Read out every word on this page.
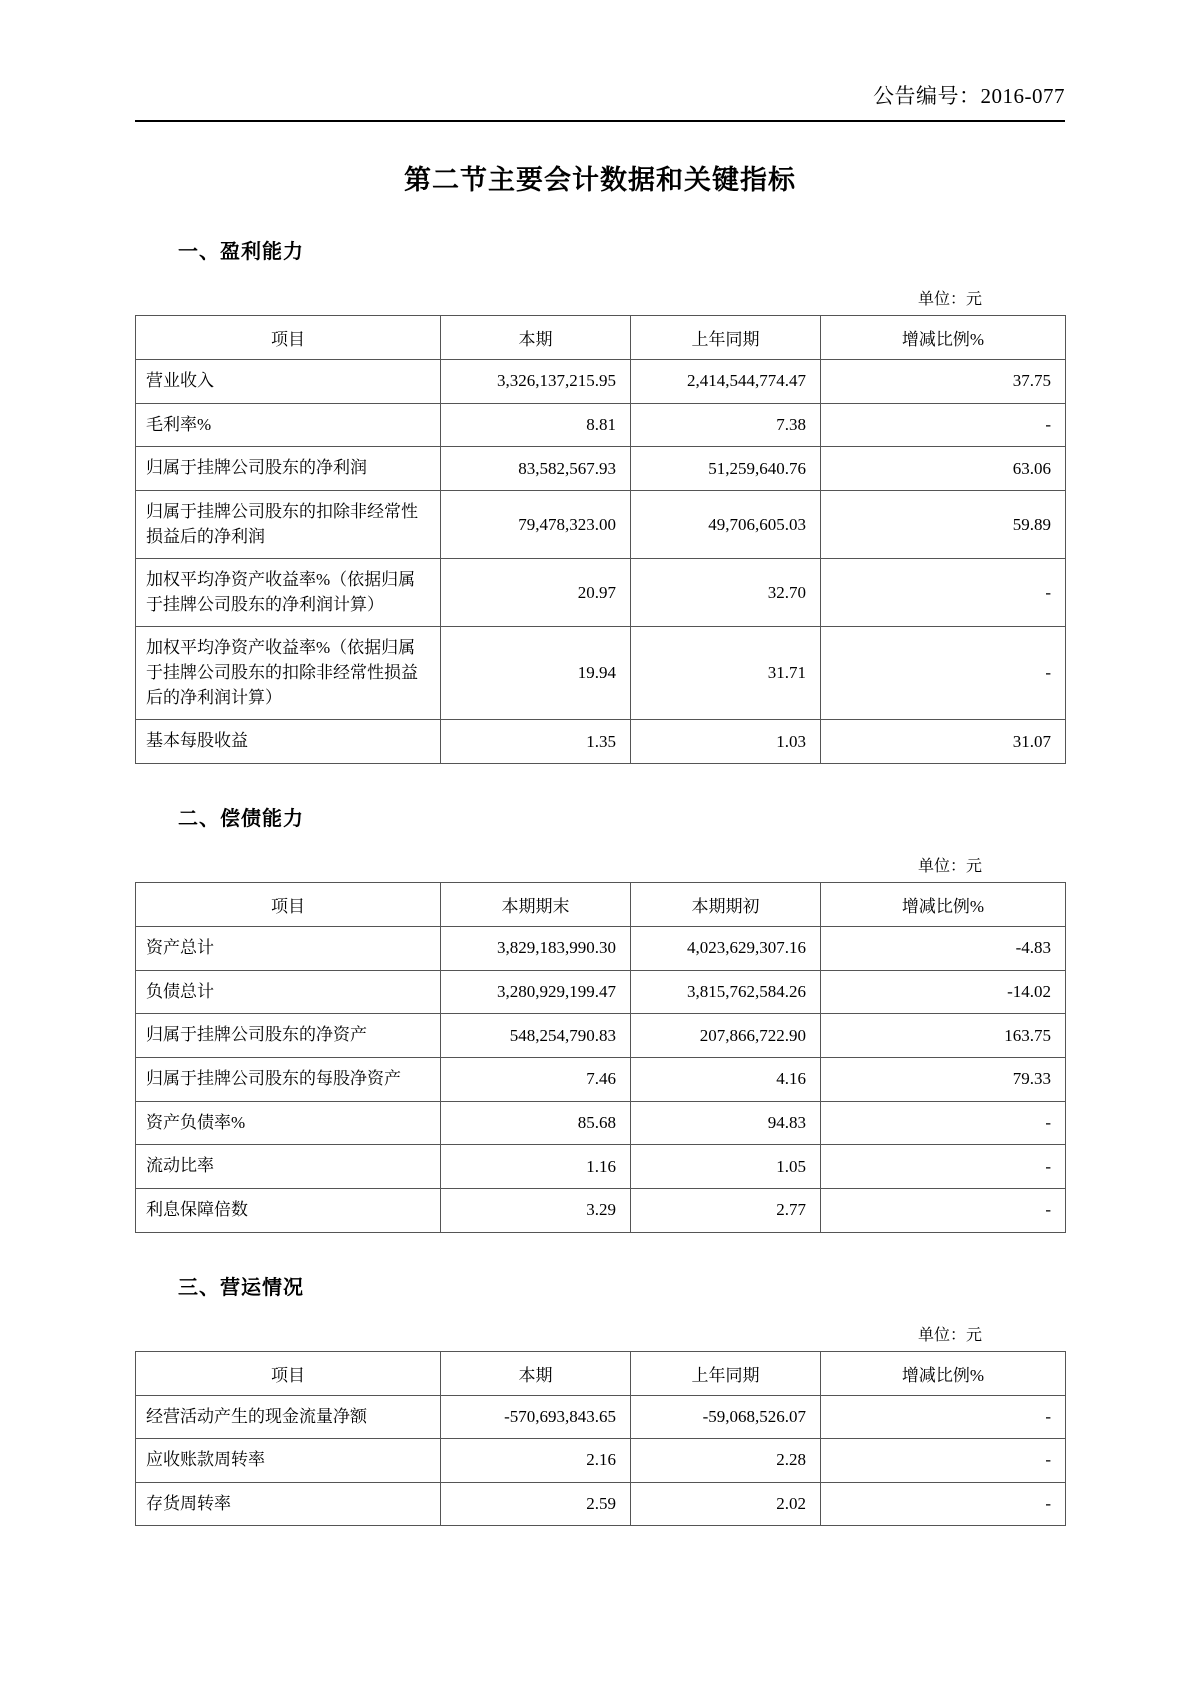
公告编号：2016-077
第二节主要会计数据和关键指标
一、盈利能力
单位：元
项目	本期	上年同期	增减比例%
营业收入	3,326,137,215.95	2,414,544,774.47	37.75
毛利率%	8.81	7.38	-
归属于挂牌公司股东的净利润	83,582,567.93	51,259,640.76	63.06
归属于挂牌公司股东的扣除非经常性损益后的净利润	79,478,323.00	49,706,605.03	59.89
加权平均净资产收益率%（依据归属于挂牌公司股东的净利润计算）	20.97	32.70	-
加权平均净资产收益率%（依据归属于挂牌公司股东的扣除非经常性损益后的净利润计算）	19.94	31.71	-
基本每股收益	1.35	1.03	31.07
二、偿债能力
单位：元
项目	本期期末	本期期初	增减比例%
资产总计	3,829,183,990.30	4,023,629,307.16	-4.83
负债总计	3,280,929,199.47	3,815,762,584.26	-14.02
归属于挂牌公司股东的净资产	548,254,790.83	207,866,722.90	163.75
归属于挂牌公司股东的每股净资产	7.46	4.16	79.33
资产负债率%	85.68	94.83	-
流动比率	1.16	1.05	-
利息保障倍数	3.29	2.77	-
三、营运情况
单位：元
项目	本期	上年同期	增减比例%
经营活动产生的现金流量净额	-570,693,843.65	-59,068,526.07	-
应收账款周转率	2.16	2.28	-
存货周转率	2.59	2.02	-
